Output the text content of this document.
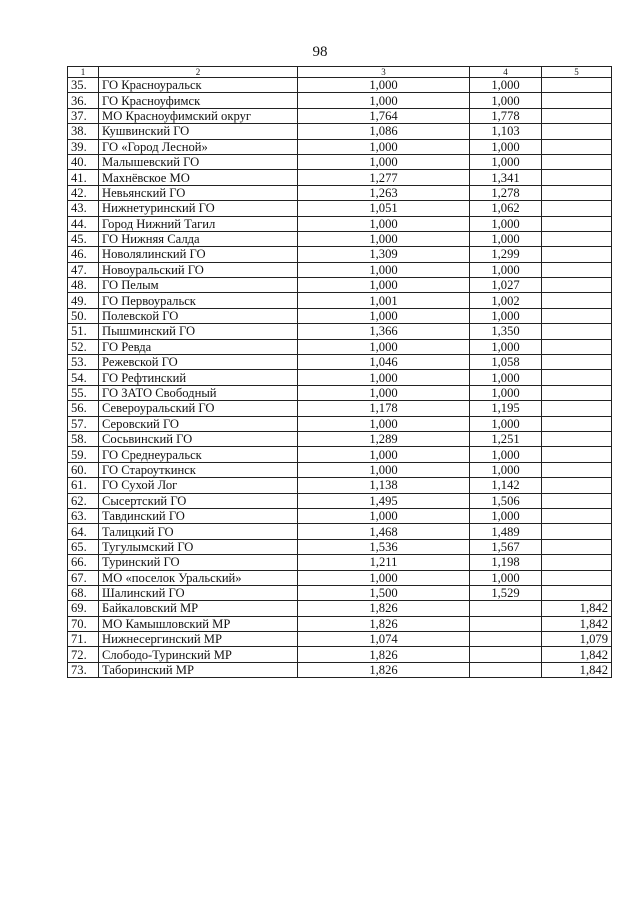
98
1	2	3	4	5
35.	ГО Красноуральск	1,000	1,000	
36.	ГО Красноуфимск	1,000	1,000	
37.	МО Красноуфимский округ	1,764	1,778	
38.	Кушвинский ГО	1,086	1,103	
39.	ГО «Город Лесной»	1,000	1,000	
40.	Малышевский ГО	1,000	1,000	
41.	Махнёвское МО	1,277	1,341	
42.	Невьянский ГО	1,263	1,278	
43.	Нижнетуринский ГО	1,051	1,062	
44.	Город Нижний Тагил	1,000	1,000	
45.	ГО Нижняя Салда	1,000	1,000	
46.	Новолялинский ГО	1,309	1,299	
47.	Новоуральский ГО	1,000	1,000	
48.	ГО Пелым	1,000	1,027	
49.	ГО Первоуральск	1,001	1,002	
50.	Полевской ГО	1,000	1,000	
51.	Пышминский ГО	1,366	1,350	
52.	ГО Ревда	1,000	1,000	
53.	Режевской ГО	1,046	1,058	
54.	ГО Рефтинский	1,000	1,000	
55.	ГО ЗАТО Свободный	1,000	1,000	
56.	Североуральский ГО	1,178	1,195	
57.	Серовский ГО	1,000	1,000	
58.	Сосьвинский ГО	1,289	1,251	
59.	ГО Среднеуральск	1,000	1,000	
60.	ГО Староуткинск	1,000	1,000	
61.	ГО Сухой Лог	1,138	1,142	
62.	Сысертский ГО	1,495	1,506	
63.	Тавдинский ГО	1,000	1,000	
64.	Талицкий ГО	1,468	1,489	
65.	Тугулымский ГО	1,536	1,567	
66.	Туринский ГО	1,211	1,198	
67.	МО «поселок Уральский»	1,000	1,000	
68.	Шалинский ГО	1,500	1,529	
69.	Байкаловский МР	1,826		1,842
70.	МО Камышловский МР	1,826		1,842
71.	Нижнесергинский МР	1,074		1,079
72.	Слободо-Туринский МР	1,826		1,842
73.	Таборинский МР	1,826		1,842
